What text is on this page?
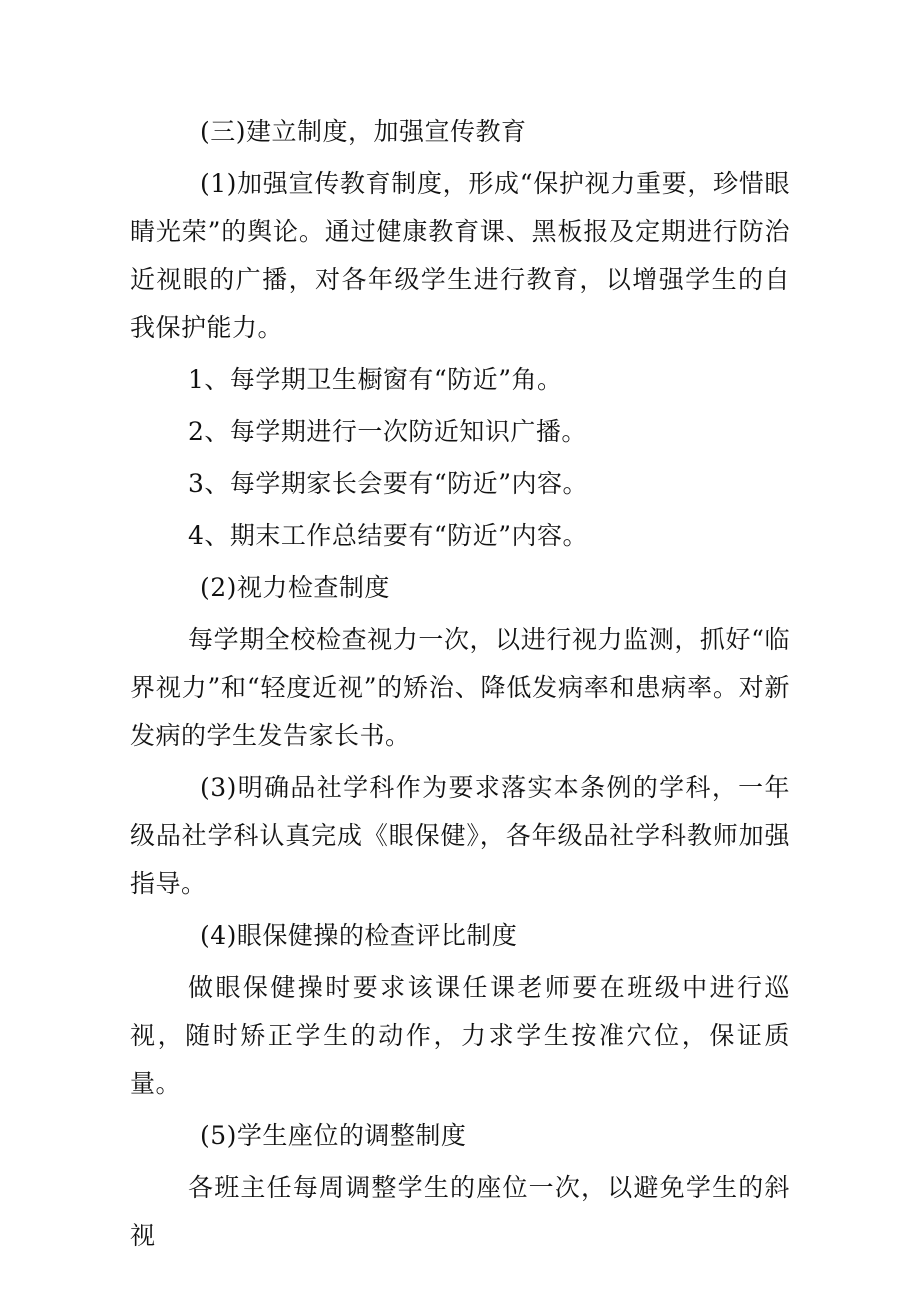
(三)建立制度，加强宣传教育

(1)加强宣传教育制度，形成“保护视力重要，珍惜眼睛光荣”的舆论。通过健康教育课、黑板报及定期进行防治近视眼的广播，对各年级学生进行教育，以增强学生的自我保护能力。

1、每学期卫生橱窗有“防近”角。

2、每学期进行一次防近知识广播。

3、每学期家长会要有“防近”内容。

4、期末工作总结要有“防近”内容。

(2)视力检查制度

每学期全校检查视力一次，以进行视力监测，抓好“临界视力”和“轻度近视”的矫治、降低发病率和患病率。对新发病的学生发告家长书。

(3)明确品社学科作为要求落实本条例的学科，一年级品社学科认真完成《眼保健》，各年级品社学科教师加强指导。

(4)眼保健操的检查评比制度

做眼保健操时要求该课任课老师要在班级中进行巡视，随时矫正学生的动作，力求学生按准穴位，保证质量。

(5)学生座位的调整制度

各班主任每周调整学生的座位一次，以避免学生的斜视
